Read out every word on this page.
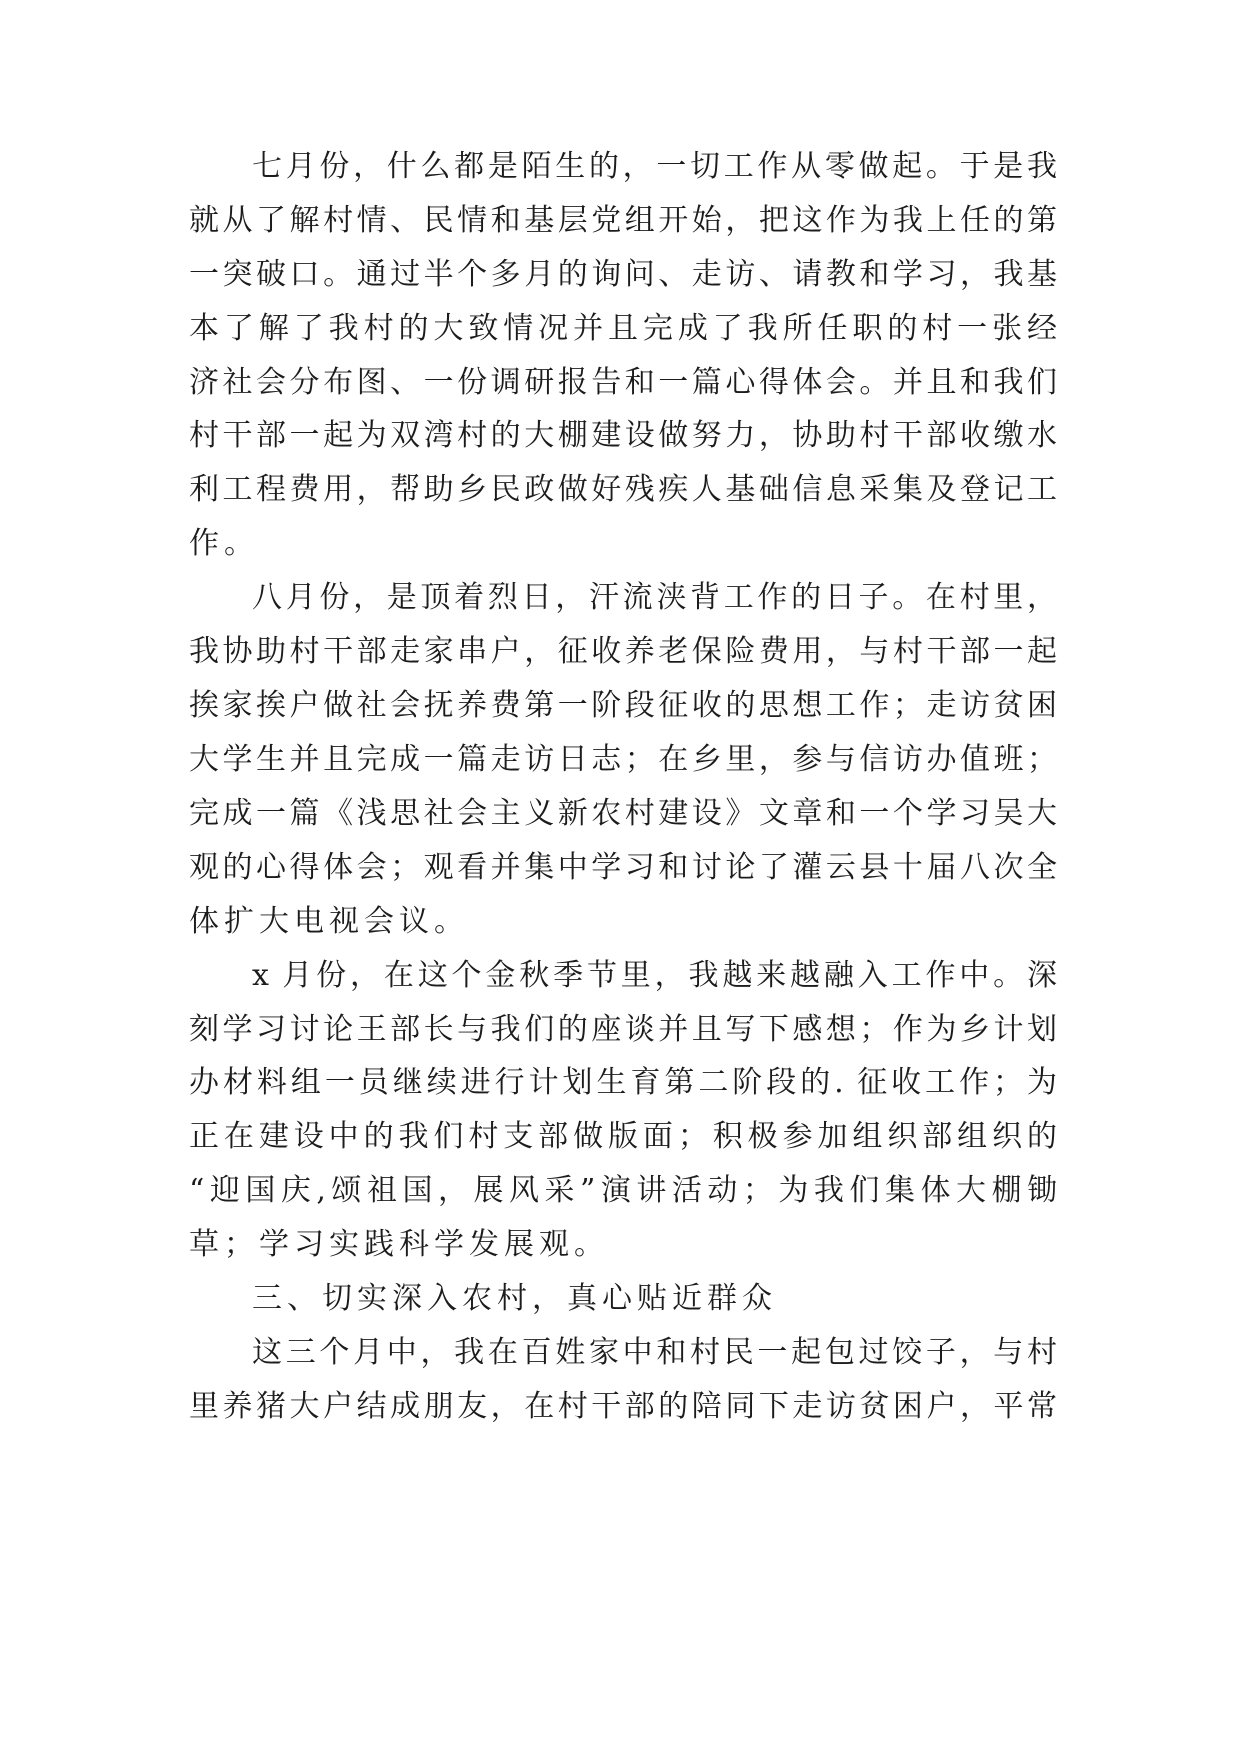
七月份，什么都是陌生的，一切工作从零做起。于是我
就从了解村情、民情和基层党组开始，把这作为我上任的第
一突破口。通过半个多月的询问、走访、请教和学习，我基
本了解了我村的大致情况并且完成了我所任职的村一张经
济社会分布图、一份调研报告和一篇心得体会。并且和我们
村干部一起为双湾村的大棚建设做努力，协助村干部收缴水
利工程费用，帮助乡民政做好残疾人基础信息采集及登记工
作。
八月份，是顶着烈日，汗流浃背工作的日子。在村里，
我协助村干部走家串户，征收养老保险费用，与村干部一起
挨家挨户做社会抚养费第一阶段征收的思想工作；走访贫困
大学生并且完成一篇走访日志；在乡里，参与信访办值班；
完成一篇《浅思社会主义新农村建设》文章和一个学习吴大
观的心得体会；观看并集中学习和讨论了灌云县十届八次全
体扩大电视会议。
x 月份，在这个金秋季节里，我越来越融入工作中。深
刻学习讨论王部长与我们的座谈并且写下感想；作为乡计划
办材料组一员继续进行计划生育第二阶段的. 征收工作；为
正在建设中的我们村支部做版面；积极参加组织部组织的
“迎国庆,颂祖国，展风采”演讲活动；为我们集体大棚锄
草；学习实践科学发展观。
三、切实深入农村，真心贴近群众
这三个月中，我在百姓家中和村民一起包过饺子，与村
里养猪大户结成朋友，在村干部的陪同下走访贫困户，平常
